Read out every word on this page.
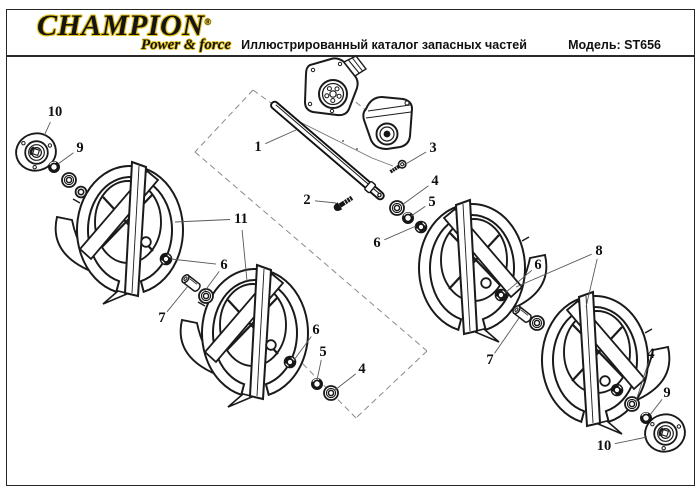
CHAMPION®
Power & force Иллюстрированный каталог запасных частей	Модель: ST656
1
2
3
4
5
6
11
6
7
6
5
4
8
6
7	4
9
10
10
9
